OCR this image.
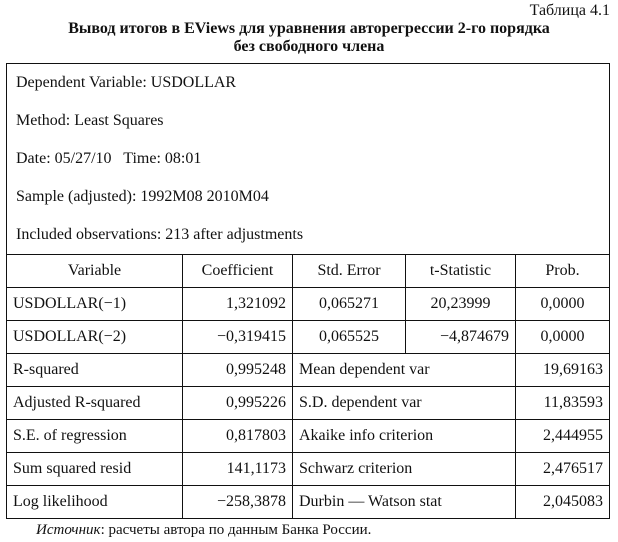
Таблица 4.1
Вывод итогов в EViews для уравнения авторегрессии 2-го порядка
без свободного члена
Dependent Variable: USDOLLAR				
Method: Least Squares				
Date: 05/27/10   Time: 08:01				
Sample (adjusted): 1992M08 2010M04				
Included observations: 213 after adjustments				
Variable	Coefficient	Std. Error	t-Statistic	Prob.
USDOLLAR(−1)	1,321092	0,065271	20,23999	0,0000
USDOLLAR(−2)	−0,319415	0,065525	−4,874679	0,0000
R-squared	0,995248	Mean dependent var		19,69163
Adjusted R-squared	0,995226	S.D. dependent var		11,83593
S.E. of regression	0,817803	Akaike info criterion		2,444955
Sum squared resid	141,1173	Schwarz criterion		2,476517
Log likelihood	−258,3878	Durbin — Watson stat		2,045083
Источник: расчеты автора по данным Банка России.
